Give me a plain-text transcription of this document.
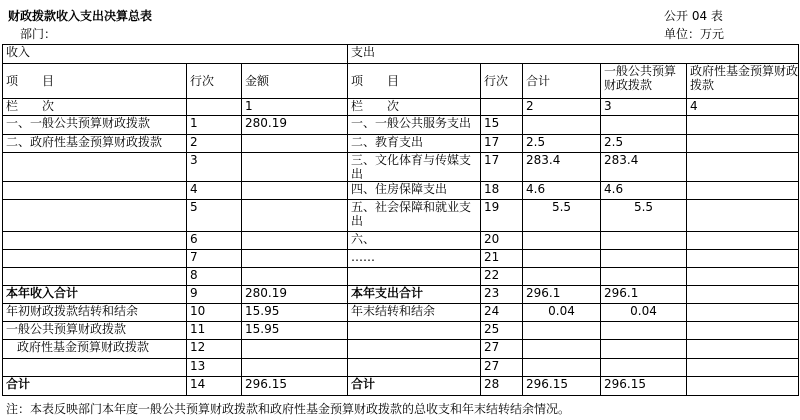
财政拨款收入支出决算总表	公开 04 表
部门：	单位：万元
收入			支出				
项　　目	行次	金额	项　　目	行次	合计	一般公共预算财政拨款	政府性基金预算财政拨款
栏　　次		1	栏　　次		2	3	4
一、一般公共预算财政拨款	1	280.19	一、一般公共服务支出	15			
二、政府性基金预算财政拨款	2		二、教育支出	17	2.5	2.5	
	3		三、文化体育与传媒支出	17	283.4	283.4	
	4		四、住房保障支出	18	4.6	4.6	
	5		五、社会保障和就业支出	19	5.5	5.5	
	6		六、	20			
	7		……	21			
	8			22			
本年收入合计	9	280.19	本年支出合计	23	296.1	296.1	
年初财政拨款结转和结余	10	15.95	年末结转和结余	24	0.04	0.04	
一般公共预算财政拨款	11	15.95		25			
政府性基金预算财政拨款	12			27			
	13			27			
合计	14	296.15	合计	28	296.15	296.15	
注：本表反映部门本年度一般公共预算财政拨款和政府性基金预算财政拨款的总收支和年末结转结余情况。
